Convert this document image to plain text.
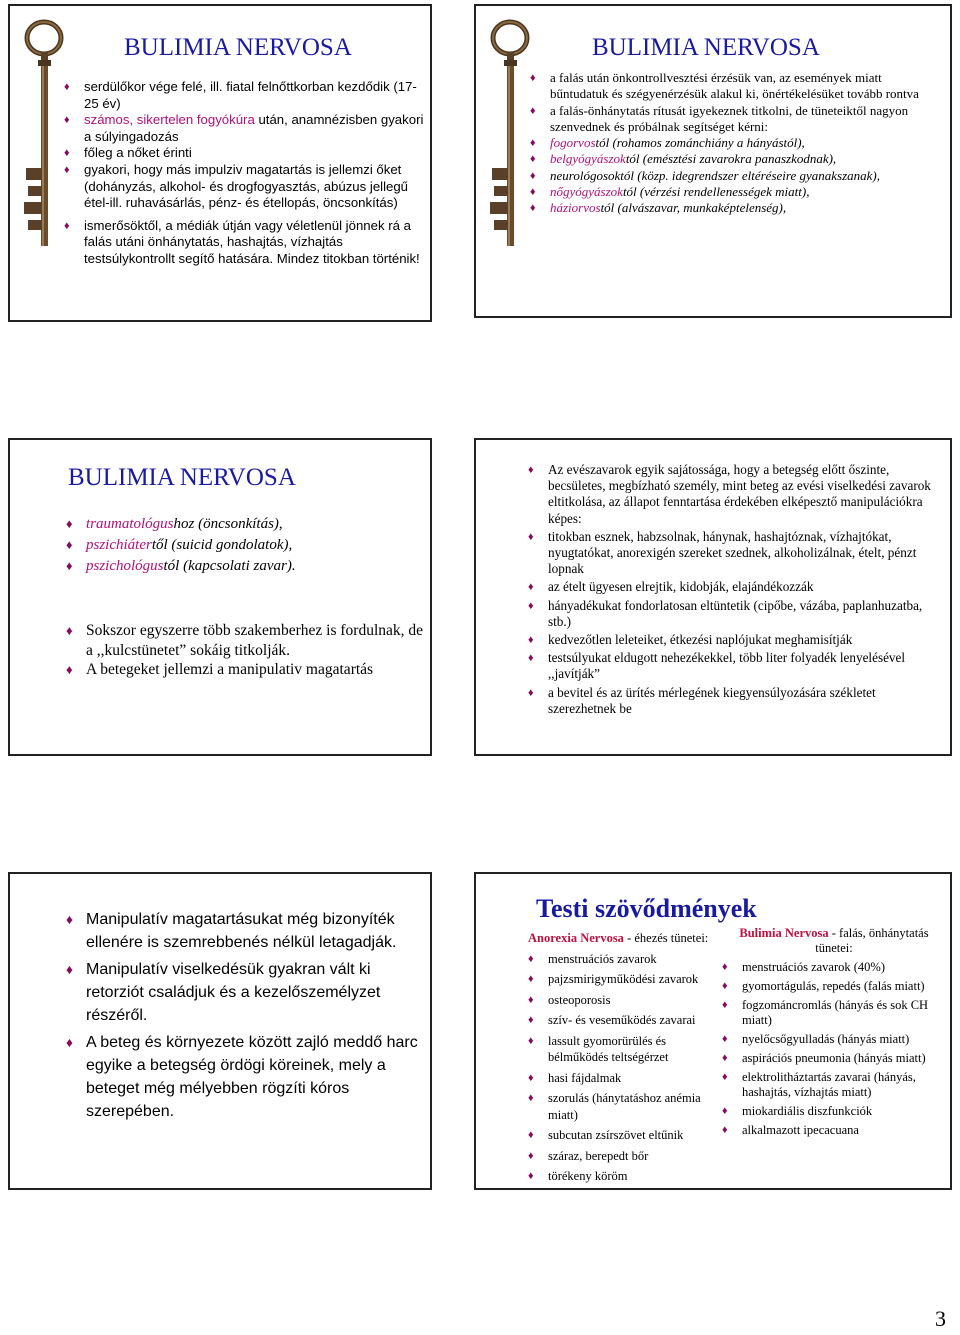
BULIMIA NERVOSA
♦ serdülőkor vége felé, ill. fiatal felnőttkorban kezdődik (17-25 év)
♦ számos, sikertelen fogyókúra után, anamnézisben gyakori a súlyingadozás
♦ főleg a nőket érinti
♦ gyakori, hogy más impulziv magatartás is jellemzi őket (dohányzás, alkohol- és drogfogyasztás, abúzus jellegű étel-ill. ruhavásárlás, pénz- és étellopás, öncsonkítás)
♦ ismerősöktől, a médiák útján vagy véletlenül jönnek rá a falás utáni önhánytatás, hashajtás, vízhajtás testsúlykontrollt segítő hatására. Mindez titokban történik!
BULIMIA NERVOSA
♦ a falás után önkontrollvesztési érzésük van, az események miatt bűntudatuk és szégyenérzésük alakul ki, önértékelésüket tovább rontva
♦ a falás-önhánytatás rítusát igyekeznek titkolni, de tüneteiktől nagyon szenvednek és próbálnak segítséget kérni:
♦ fogorvostól (rohamos zománchiány a hányástól),
♦ belgyógyászoktól (emésztési zavarokra panaszkodnak),
♦ neurológosoktól (közp. idegrendszer eltéréseire gyanakszanak),
♦ nőgyógyászoktól (vérzési rendellenességek miatt),
♦ háziorvostól (alvászavar, munkaképtelenség),
BULIMIA NERVOSA
♦ traumatológushoz (öncsonkítás),
♦ pszichiátertől (suicid gondolatok),
♦ pszichológustól (kapcsolati zavar).
♦ Sokszor egyszerre több szakemberhez is fordulnak, de a ,,kulcstünetet” sokáig titkolják.
♦ A betegeket jellemzi a manipulativ magatartás
♦ Az evészavarok egyik sajátossága, hogy a betegség előtt őszinte, becsületes, megbízható személy, mint beteg az evési viselkedési zavarok eltitkolása, az állapot fenntartása érdekében elképesztő manipulációkra képes:
♦ titokban esznek, habzsolnak, hánynak, hashajtóznak, vízhajtókat, nyugtatókat, anorexigén szereket szednek, alkoholizálnak, ételt, pénzt lopnak
♦ az ételt ügyesen elrejtik, kidobják, elajándékozzák
♦ hányadékukat fondorlatosan eltüntetik (cipőbe, vázába, paplanhuzatba, stb.)
♦ kedvezőtlen leleteiket, étkezési naplójukat meghamisítják
♦ testsúlyukat eldugott nehezékekkel, több liter folyadék lenyelésével ,,javítják”
♦ a bevitel és az ürítés mérlegének kiegyensúlyozására székletet szerezhetnek be
♦ Manipulatív magatartásukat még bizonyíték ellenére is szemrebbenés nélkül letagadják.
♦ Manipulatív viselkedésük gyakran vált ki retorziót családjuk és a kezelőszemélyzet részéről.
♦ A beteg és környezete között zajló meddő harc egyike a betegség ördögi köreinek, mely a beteget még mélyebben rögzíti kóros szerepében.
Testi szövődmények
Anorexia Nervosa - éhezés tünetei:
♦ menstruációs zavarok
♦ pajzsmirigyműködési zavarok
♦ osteoporosis
♦ szív- és veseműködés zavarai
♦ lassult gyomorürülés és bélműködés teltségérzet
♦ hasi fájdalmak
♦ szorulás (hánytatáshoz anémia miatt)
♦ subcutan zsírszövet eltűnik
♦ száraz, berepedt bőr
♦ törékeny köröm
Bulimia Nervosa - falás, önhánytatás tünetei:
♦ menstruációs zavarok (40%)
♦ gyomortágulás, repedés (falás miatt)
♦ fogzománcromlás (hányás és sok CH miatt)
♦ nyelőcsőgyulladás (hányás miatt)
♦ aspirációs pneumonia (hányás miatt)
♦ elektrolitháztartás zavarai (hányás, hashajtás, vízhajtás miatt)
♦ miokardiális diszfunkciók
♦ alkalmazott ipecacuana
3
